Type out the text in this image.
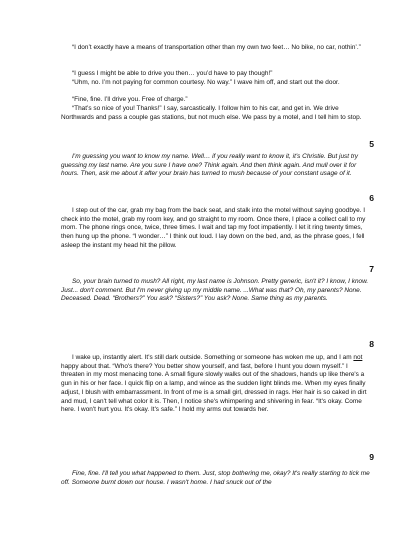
“I don’t exactly have a means of transportation other than my own two feet… No bike, no car, nothin’.”

“I guess I might be able to drive you then… you’d have to pay though!”

“Uhm, no. I’m not paying for common courtesy. No way.” I wave him off, and start out the door.

“Fine, fine. I’ll drive you. Free of charge.”

“That’s so nice of you! Thanks!” I say, sarcastically. I follow him to his car, and get in. We drive Northwards and pass a couple gas stations, but not much else. We pass by a motel, and I tell him to stop.

5

I’m guessing you want to know my name. Well… if you really want to know it, it’s Christie. But just try guessing my last name. Are you sure I have one? Think again. And then think again. And mull over it for hours. Then, ask me about it after your brain has turned to mush because of your constant usage of it.

6

I step out of the car, grab my bag from the back seat, and stalk into the motel without saying goodbye. I check into the motel, grab my room key, and go straight to my room. Once there, I place a collect call to my mom. The phone rings once, twice, three times. I wait and tap my foot impatiently. I let it ring twenty times, then hung up the phone. “I wonder…” I think out loud. I lay down on the bed, and, as the phrase goes, I fell asleep the instant my head hit the pillow.

7

So, your brain turned to mush? All right, my last name is Johnson. Pretty generic, isn't it? I know, I know. Just... don't comment. But I'm never giving up my middle name. ...What was that? Oh, my parents? None. Deceased. Dead. “Brothers?” You ask? “Sisters?” You ask? None. Same thing as my parents.

8

I wake up, instantly alert. It's still dark outside. Something or someone has woken me up, and I am not happy about that. “Who's there? You better show yourself, and fast, before I hunt you down myself.” I threaten in my most menacing tone. A small figure slowly walks out of the shadows, hands up like there's a gun in his or her face. I quick flip on a lamp, and wince as the sudden light blinds me. When my eyes finally adjust, I blush with embarrassment. In front of me is a small girl, dressed in rags. Her hair is so caked in dirt and mud, I can't tell what color it is. Then, I notice she's whimpering and shivering in fear. “It's okay. Come here. I won't hurt you. It's okay. It's safe.” I hold my arms out towards her.

9

Fine, fine. I'll tell you what happened to them. Just, stop bothering me, okay? It's really starting to tick me off. Someone burnt down our house. I wasn't home. I had snuck out of the
